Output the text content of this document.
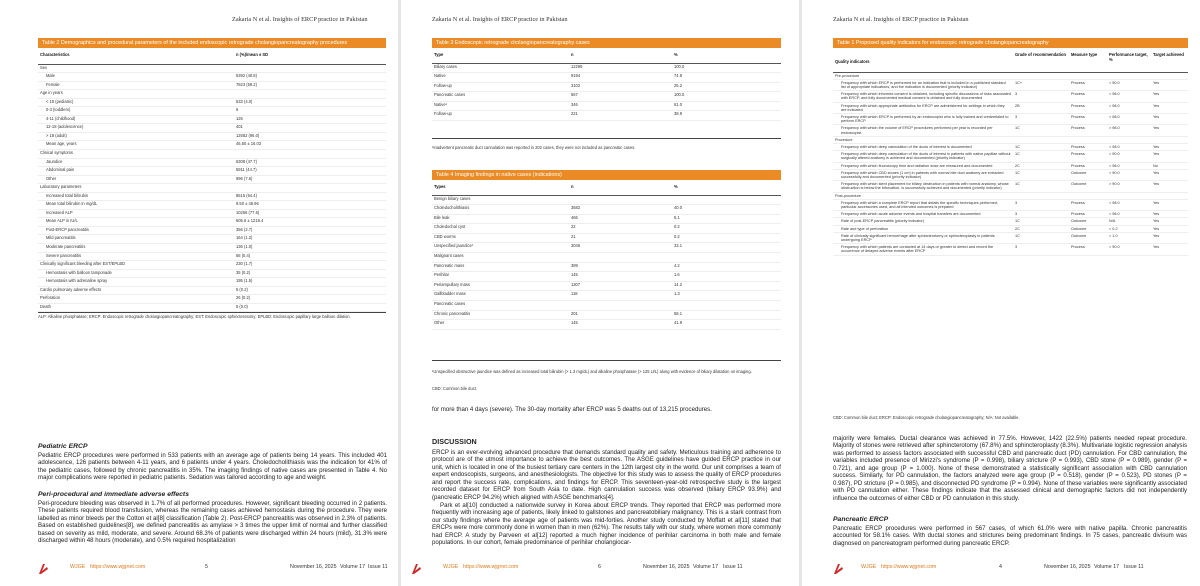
Zakaria N et al. Insights of ERCP practice in Pakistan
Table 2 Demographics and procedural parameters of the included endoscopic retrograde cholangiopancreatography procedures
Characteristics	n (%)/mean ± SD
Sex	
Male	5392 (40.8)
Female	7823 (59.2)
Age in years	
< 18 (pediatric)	533 (4.0)
0-3 (toddlers)	6
4-11 (childhood)	126
12-18 (adolescence)	401
> 18 (adult)	12682 (96.0)
Mean age, years	46.50 ± 16.03
Clinical symptoms	
Jaundice	6308 (47.7)
Abdominal pain	5911 (44.7)
Other	996 (7.6)
Laboratory parameters	
Increased total bilirubin	8515 (64.4)
Mean total bilirubin in mg/dL	9.50 ± 48.96
Increased ALP	10256 (77.6)
Mean ALP in IU/L	605.6 ± 1218.4
Post-ERCP pancreatitis	356 (2.7)
Mild pancreatitis	164 (1.2)
Moderate pancreatitis	136 (1.0)
Severe pancreatitis	56 (0.4)
Clinically significant bleeding after EST/EPLBD	230 (1.7)
Hemostasis with balloon tamponade	35 (0.2)
Hemostasis with adrenaline spray	195 (1.5)
Cardio pulmonary adverse effects	5 (0.2)
Perforation	26 (0.2)
Death	5 (0.0)
ALP: Alkaline phosphatase; ERCP: Endoscopic retrograde cholangiopancreatography; EST: Endoscopic sphincterotomy; EPLBD: Endoscopic papillary large balloon dilation.
Pediatric ERCP
Pediatric ERCP procedures were performed in 533 patients with an average age of patients being 14 years. This included 401 adolescence, 126 patients between 4-11 years, and 6 patients under 4 years. Choledocholithiasis was the indication for 41% of the pediatric cases, followed by chronic pancreatitis in 35%. The imaging findings of native cases are presented in Table 4. No major complications were reported in pediatric patients. Sedation was tailored according to age and weight.
Peri-procedural and immediate adverse effects
Peri-procedure bleeding was observed in 1.7% of all performed procedures. However, significant bleeding occurred in 2 patients. These patients required blood transfusion, whereas the remaining cases achieved hemostasis during the procedure. They were labelled as minor bleeds per the Cotton et al[8] classification (Table 2). Post-ERCP pancreatitis was observed in 2.3% of patients. Based on established guidelines[8], we defined pancreatitis as amylase > 3 times the upper limit of normal and further classified based on severity as mild, moderate, and severe. Around 68.3% of patients were discharged within 24 hours (mild), 31.3% were discharged within 48 hours (moderate), and 0.5% required hospitalization
WJGE https://www.wjgnet.com	5	November 16, 2025 Volume 17 Issue 11
Zakaria N et al. Insights of ERCP practice in Pakistan
Table 3 Endoscopic retrograde cholangiopancreatography cases
Type	n	%
Biliary cases	12295	100.0
Native	9194	74.8
Follow-up	3102	25.2
Pancreatic cases	567	100.0
Native¹	346	61.0
Follow-up	221	38.9
¹Inadvertent pancreatic duct cannulation was reported in 202 cases, they were not included as pancreatic cases.
Table 4 Imaging findings in native cases (indications)
Types	n	%
Benign biliary cases		
Choledocholithiasis	3682	40.0
Bile leak	466	5.1
Choledochal cyst	22	0.2
CBD worms	21	0.2
Unspecified jaundice¹	3046	33.1
Malignant cases		
Pancreatic mass	389	4.2
Perihilar	145	1.6
Periampullary mass	1307	14.2
Gallbladder mass	118	1.3
Pancreatic cases		
Chronic pancreatitis	201	58.1
Other	145	41.9
¹Unspecified obstructive jaundice was defined as increased total bilirubin (> 1.3 mg/dL) and alkaline phosphatase (> 125 U/L) along with evidence of biliary dilatation on imaging.
CBD: Common bile duct.
for more than 4 days (severe). The 30-day mortality after ERCP was 5 deaths out of 13,215 procedures.
DISCUSSION
ERCP is an ever-evolving advanced procedure that demands standard quality and safety. Meticulous training and adherence to protocol are of the utmost importance to achieve the best outcomes. The ASGE guidelines have guided ERCP practice in our unit, which is located in one of the busiest tertiary care centers in the 12th largest city in the world. Our unit comprises a team of expert endoscopists, surgeons, and anesthesiologists. The objective for this study was to assess the quality of ERCP procedures and report the success rate, complications, and findings for ERCP. This seventeen-year-old retrospective study is the largest recorded dataset for ERCP from South Asia to date. High cannulation success was observed (biliary ERCP 93.9%) and (pancreatic ERCP 94.2%) which aligned with ASGE benchmarks[4].
Park et al[10] conducted a nationwide survey in Korea about ERCP trends. They reported that ERCP was performed more frequently with increasing age of patients, likely linked to gallstones and pancreatobiliary malignancy. This is a stark contrast from our study findings where the average age of patients was mid-forties. Another study conducted by Moffatt et al[11] stated that ERCPs were more commonly done in women than in men (62%). The results tally with our study, where women more commonly had ERCP. A study by Parveen et al[12] reported a much higher incidence of perihilar carcinoma in both male and female populations. In our cohort, female predominance of perihilar cholangiocar-
WJGE https://www.wjgnet.com	6	November 16, 2025 Volume 17 Issue 11
Zakaria N et al. Insights of ERCP practice in Pakistan
Table 1 Proposed quality indicators for endoscopic retrograde cholangiopancreatography
Quality indicators	Grade of recommendation	Measure type	Performance target, %	Target achieved
Pre-procedure				
Frequency with which ERCP is performed for an indication that is included in a published standard list of appropriate indications, and the indication is documented (priority indicator)	1C+	Process	> 90.0	Yes
Frequency with which informed consent is obtained, including specific discussions of risks associated with ERCP, and fully documented medical consent is obtained and fully documented	3	Process	> 98.0	Yes
Frequency with which appropriate antibiotics for ERCP are administered for settings in which they are indicated	2B	Process	> 98.0	Yes
Frequency with which ERCP is performed by an endoscopist who is fully trained and credentialed to perform ERCP	3	Process	> 98.0	Yes
Frequency with which the volume of ERCP procedures performed per year is recorded per endoscopist	1C	Process	> 98.0	Yes
Procedure				
Frequency with which deep cannulation of the ducts of interest is documented	1C	Process	> 98.0	Yes
Frequency with which deep cannulation of the ducts of interest in patients with native papillae without surgically altered anatomy is achieved and documented (priority indicator)	1C	Process	> 90.0	Yes
Frequency with which fluoroscopy time and radiation dose are measured and documented	2C	Process	> 98.0	No
Frequency with which CBD stones (1 cm) in patients with normal bile duct anatomy are extracted successfully and documented (priority indicator)	1C	Outcome	> 90.0	Yes
Frequency with which stent placement for biliary obstruction in patients with normal anatomy, whose obstruction is below the bifurcation, is successfully achieved and documented (priority indicator)	1C	Outcome	> 90.0	Yes
Post-procedure				
Frequency with which a complete ERCP report that details the specific techniques performed, particular accessories used, and all intended outcomes is prepared	3	Process	> 98.0	Yes
Frequency with which acute adverse events and hospital transfers are documented	3	Process	> 98.0	Yes
Rate of post-ERCP pancreatitis (priority indicator)	1C	Outcome	N/A	Yes
Rate and type of perforation	2C	Outcome	< 0.2	Yes
Rate of clinically significant hemorrhage after sphincterotomy or sphincteroplasty in patients undergoing ERCP	1C	Outcome	< 1.0	Yes
Frequency with which patients are contacted at 14 days or greater to detect and record the occurrence of delayed adverse events after ERCP	3	Process	> 90.0	Yes
CBD: Common bile duct; ERCP: Endoscopic retrograde cholangiopancreatography; N/A: Not available.
majority were females. Ductal clearance was achieved in 77.5%. However, 1422 (22.5%) patients needed repeat procedure. Majority of stones were retrieved after sphincterotomy (67.8%) and sphincteroplasty (8.3%). Multivariate logistic regression analysis was performed to assess factors associated with successful CBD and pancreatic duct (PD) cannulation. For CBD cannulation, the variables included presence of Mirizzi's syndrome (P = 0.998), biliary stricture (P = 0.993), CBD stone (P = 0.989), gender (P = 0.721), and age group (P = 1.000). None of these demonstrated a statistically significant association with CBD cannulation success. Similarly, for PD cannulation, the factors analyzed were age group (P = 0.518), gender (P = 0.523), PD stones (P = 0.987), PD stricture (P = 0.985), and disconnected PD syndrome (P = 0.994). None of these variables were significantly associated with PD cannulation either. These findings indicate that the assessed clinical and demographic factors did not independently influence the outcomes of either CBD or PD cannulation in this study.
Pancreatic ERCP
Pancreatic ERCP procedures were performed in 567 cases, of which 61.0% were with native papilla. Chronic pancreatitis accounted for 58.1% cases. With ductal stones and strictures being predominant findings. In 75 cases, pancreatic divisum was diagnosed on pancreatogram performed during pancreatic ERCP.
WJGE https://www.wjgnet.com	4	November 16, 2025 Volume 17 Issue 11
